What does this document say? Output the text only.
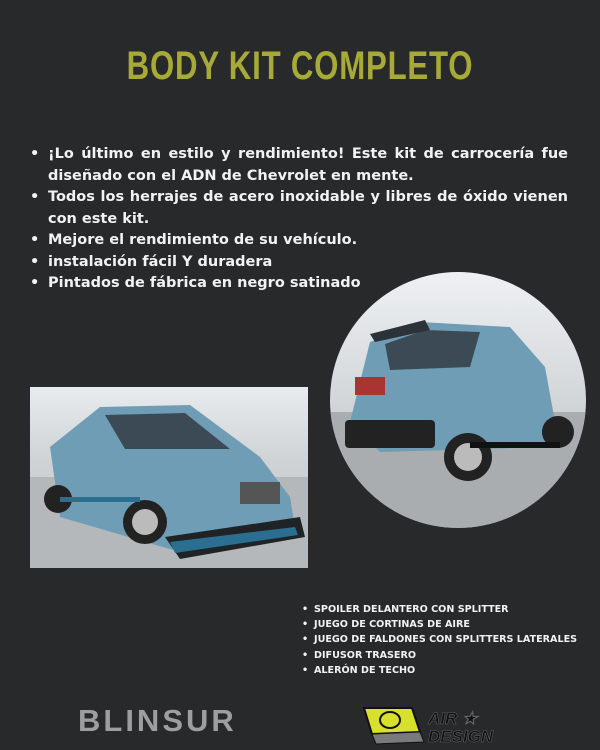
BODY KIT COMPLETO
• ¡Lo último en estilo y rendimiento! Este kit de carrocería fue diseñado con el ADN de Chevrolet en mente.
• Todos los herrajes de acero inoxidable y libres de óxido vienen con este kit.
• Mejore el rendimiento de su vehículo.
• instalación fácil Y duradera
• Pintados de fábrica en negro satinado
• SPOILER DELANTERO CON SPLITTER
• JUEGO DE CORTINAS DE AIRE
• JUEGO DE FALDONES CON SPLITTERS LATERALES
• DIFUSOR TRASERO
• ALERÓN DE TECHO
BLINSUR	AIR ★
DESIGN
